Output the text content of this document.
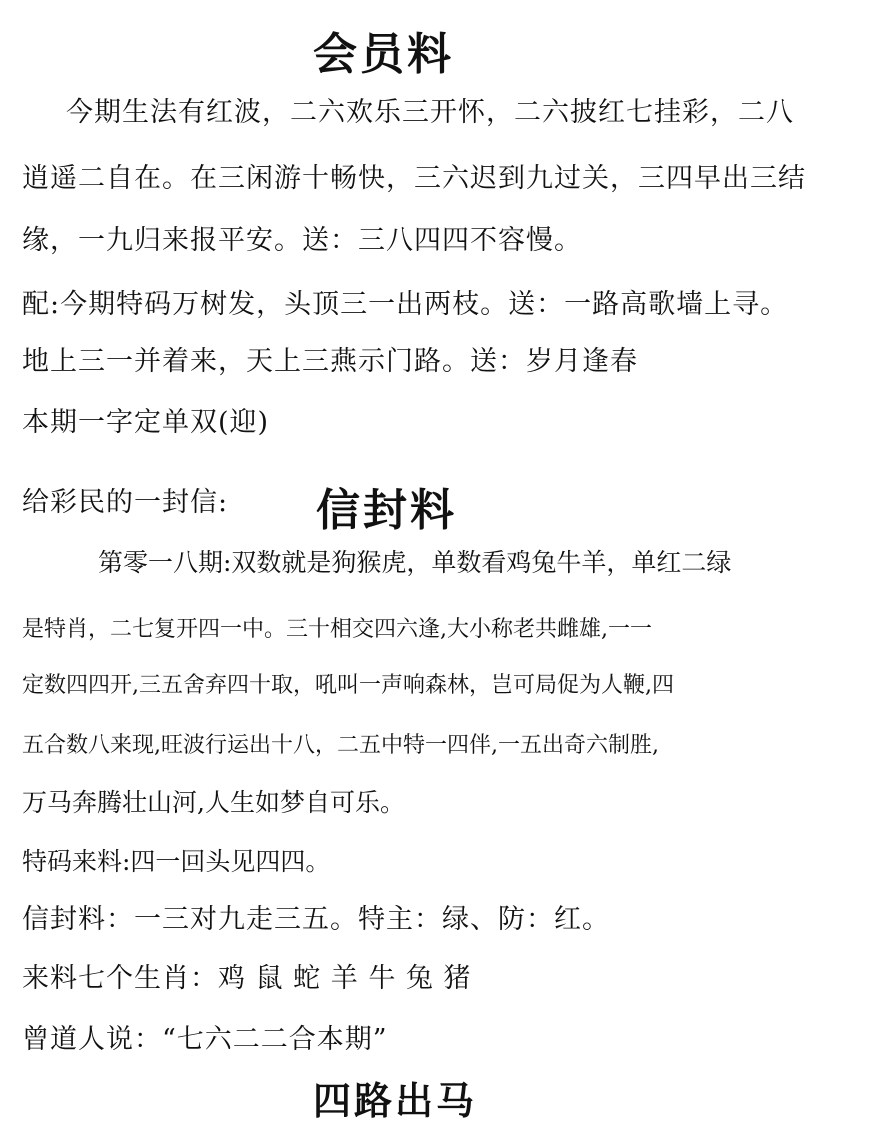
会员料
今期生法有红波，二六欢乐三开怀，二六披红七挂彩，二八
逍遥二自在。在三闲游十畅快，三六迟到九过关，三四早出三结
缘，一九归来报平安。送：三八四四不容慢。
配:今期特码万树发，头顶三一出两枝。送：一路高歌墙上寻。
地上三一并着来，天上三燕示门路。送：岁月逢春
本期一字定单双(迎)
给彩民的一封信: 信封料
第零一八期:双数就是狗猴虎，单数看鸡兔牛羊，单红二绿
是特肖，二七复开四一中。三十相交四六逢,大小称老共雌雄,一一
定数四四开,三五舍弃四十取，吼叫一声响森林，岂可局促为人鞭,四
五合数八来现,旺波行运出十八，二五中特一四伴,一五出奇六制胜,
万马奔腾壮山河,人生如梦自可乐。
特码来料:四一回头见四四。
信封料：一三对九走三五。特主：绿、防：红。
来料七个生肖：鸡 鼠 蛇 羊 牛 兔 猪
曾道人说：“七六二二合本期”
四路出马
